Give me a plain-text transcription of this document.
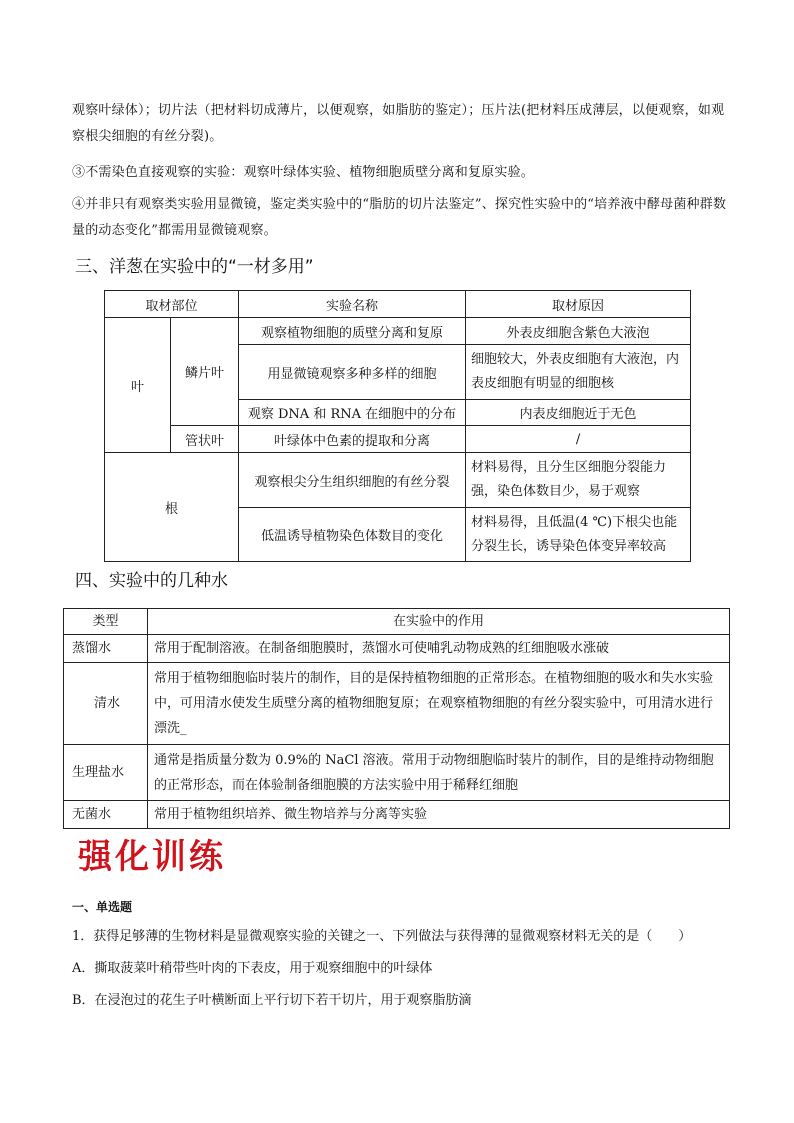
观察叶绿体）；切片法（把材料切成薄片，以便观察，如脂肪的鉴定）；压片法(把材料压成薄层，以便观察，如观察根尖细胞的有丝分裂)。

③不需染色直接观察的实验：观察叶绿体实验、植物细胞质壁分离和复原实验。

④并非只有观察类实验用显微镜，鉴定类实验中的“脂肪的切片法鉴定”、探究性实验中的“培养液中酵母菌种群数量的动态变化”都需用显微镜观察。

三、洋葱在实验中的“一材多用”
取材部位		实验名称	取材原因
叶	鳞片叶	观察植物细胞的质壁分离和复原	外表皮细胞含紫色大液泡
		用显微镜观察多种多样的细胞	细胞较大，外表皮细胞有大液泡，内表皮细胞有明显的细胞核
		观察 DNA 和 RNA 在细胞中的分布	内表皮细胞近于无色
	管状叶	叶绿体中色素的提取和分离	/
根		观察根尖分生组织细胞的有丝分裂	材料易得，且分生区细胞分裂能力强，染色体数目少，易于观察
		低温诱导植物染色体数目的变化	材料易得，且低温(4 ℃)下根尖也能分裂生长，诱导染色体变异率较高
四、实验中的几种水
类型	在实验中的作用
蒸馏水	常用于配制溶液。在制备细胞膜时，蒸馏水可使哺乳动物成熟的红细胞吸水涨破
清水	常用于植物细胞临时装片的制作，目的是保持植物细胞的正常形态。在植物细胞的吸水和失水实验中，可用清水使发生质壁分离的植物细胞复原；在观察植物细胞的有丝分裂实验中，可用清水进行漂洗_
生理盐水	通常是指质量分数为 0.9%的 NaCl 溶液。常用于动物细胞临时装片的制作，目的是维持动物细胞的正常形态，而在体验制备细胞膜的方法实验中用于稀释红细胞
无菌水	常用于植物组织培养、微生物培养与分离等实验
强化训练

一、单选题

1．获得足够薄的生物材料是显微观察实验的关键之一、下列做法与获得薄的显微观察材料无关的是（　　）

A．撕取菠菜叶稍带些叶肉的下表皮，用于观察细胞中的叶绿体

B．在浸泡过的花生子叶横断面上平行切下若干切片，用于观察脂肪滴
